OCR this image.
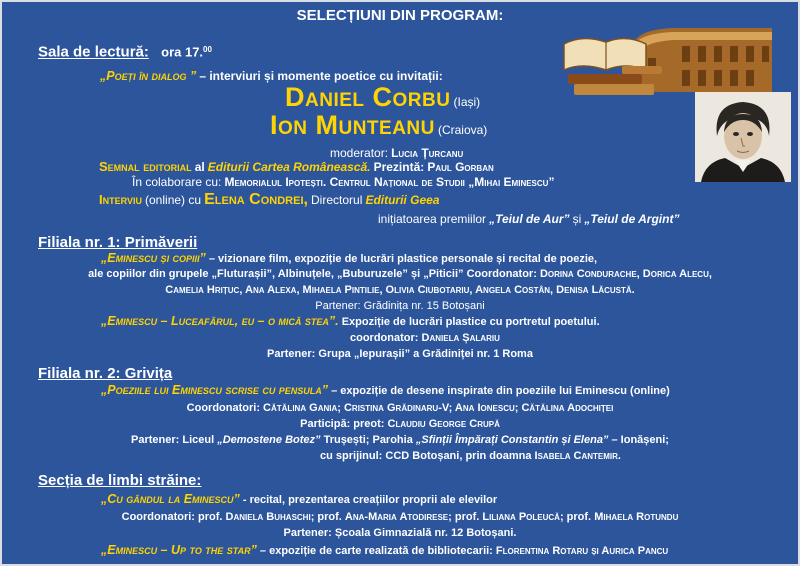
SELECȚIUNI DIN PROGRAM:
Sala de lectură: ora 17.00
„Poeți în dialog ” – interviuri și momente poetice cu invitații:
Daniel Corbu (Iași)
Ion Munteanu (Craiova)
moderator: Lucia Țurcanu
Semnal editorial al Editurii Cartea Românească. Prezintă: Paul Gorban
În colaborare cu: Memorialul Ipotești. Centrul Național de Studii „Mihai Eminescu”
Interviu (online) cu Elena Condrei, Directorul Editurii Geea
inițiatoarea premiilor „Teiul de Aur” și „Teiul de Argint”
Filiala nr. 1: Primăverii
„Eminescu și copiii” – vizionare film, expoziție de lucrări plastice personale și recital de poezie,
ale copiilor din grupele „Fluturașii”, Albinuțele, „Buburuzele” și „Piticii” Coordonator: Dorina Condurache, Dorica Alecu,
Camelia Hrițuc, Ana Alexa, Mihaela Pintilie, Olivia Ciubotariu, Angela Costân, Denisa Lăcustă.
Partener: Grădinița nr. 15 Botoșani
„Eminescu – Luceafărul, eu – o mică stea”. Expoziție de lucrări plastice cu portretul poetului.
coordonator: Daniela Șalariu
Partener: Grupa „Iepurașii” a Grădiniței nr. 1 Roma
Filiala nr. 2: Grivița
„Poeziile lui Eminescu scrise cu pensula” – expoziție de desene inspirate din poeziile lui Eminescu (online)
Coordonatori: Cătălina Gania; Cristina Grădinaru-V; Ana Ionescu; Cătălina Adochiței
Participă: preot: Claudiu George Crupă
Partener: Liceul „Demostene Botez” Trușești; Parohia „Sfinții Împărați Constantin și Elena” – Ionășeni;
cu sprijinul: CCD Botoșani, prin doamna Isabela Cantemir.
Secția de limbi străine:
„Cu gândul la Eminescu” - recital, prezentarea creațiilor proprii ale elevilor
Coordonatori: prof. Daniela Buhaschi; prof. Ana-Maria Atodirese; prof. Liliana Poleucă; prof. Mihaela Rotundu
Partener: Școala Gimnazială nr. 12 Botoșani.
„Eminescu – Up to the star” – expoziție de carte realizată de bibliotecarii: Florentina Rotaru și Aurica Pancu
